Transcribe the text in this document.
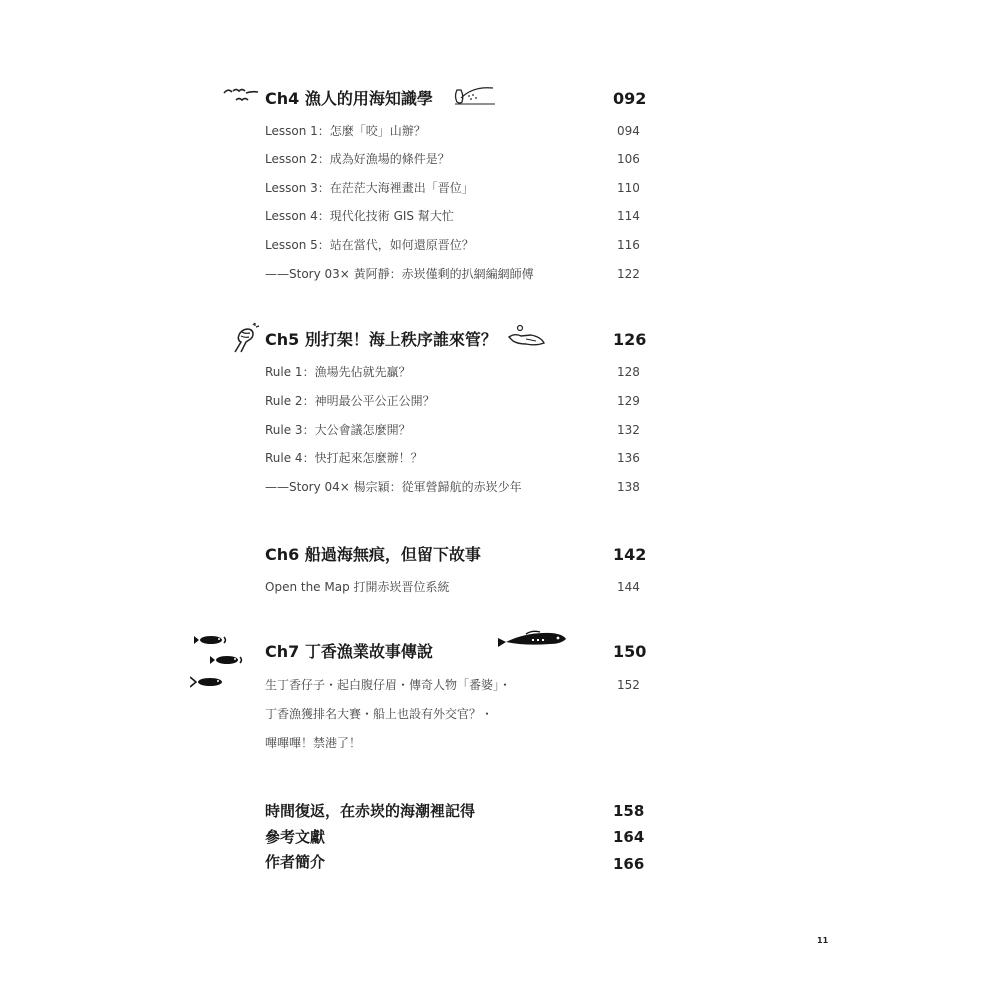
Ch4 漁人的用海知識學	092
Lesson 1：怎麼「咬」山辦？	094
Lesson 2：成為好漁場的條件是？	106
Lesson 3：在茫茫大海裡畫出「晋位」	110
Lesson 4：現代化技術 GIS 幫大忙	114
Lesson 5：站在當代，如何還原晋位？	116
——Story 03× 黃阿靜：赤崁僅剩的扒網編網師傅	122
Ch5 別打架！海上秩序誰來管？	126
Rule 1：漁場先佔就先贏？	128
Rule 2：神明最公平公正公開？	129
Rule 3：大公會議怎麼開？	132
Rule 4：快打起來怎麼辦！？	136
——Story 04× 楊宗穎：從軍營歸航的赤崁少年	138
Ch6 船過海無痕，但留下故事	142
Open the Map 打開赤崁晋位系統	144
Ch7 丁香漁業故事傳說	150
生丁香仔子・起白腹仔眉・傳奇人物「番婆」・	152
丁香漁獲排名大賽・船上也設有外交官？・
嗶嗶嗶！禁港了！
時間復返，在赤崁的海潮裡記得	158
參考文獻	164
作者簡介	166
11
